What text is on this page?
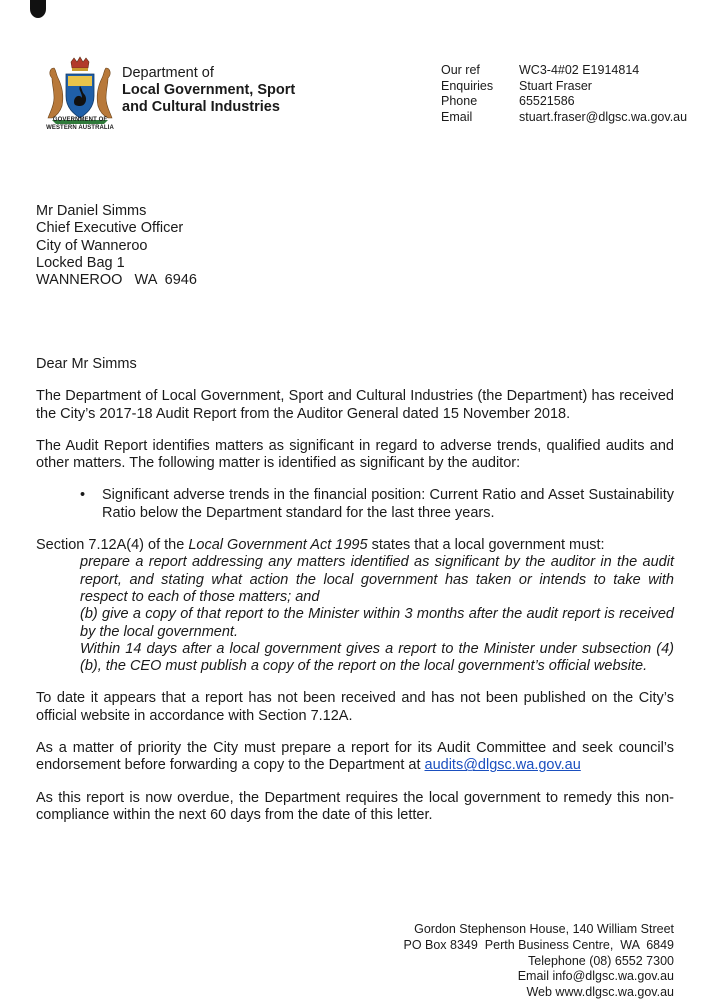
GOVERNMENT OF
WESTERN AUSTRALIA
Department of
Local Government, Sport
and Cultural Industries
Our ref	WC3-4#02 E1914814
Enquiries	Stuart Fraser
Phone	65521586
Email	stuart.fraser@dlgsc.wa.gov.au
Mr Daniel Simms
Chief Executive Officer
City of Wanneroo
Locked Bag 1
WANNEROO   WA  6946

Dear Mr Simms

The Department of Local Government, Sport and Cultural Industries (the Department) has received the City’s 2017-18 Audit Report from the Auditor General dated 15 November 2018.

The Audit Report identifies matters as significant in regard to adverse trends, qualified audits and other matters. The following matter is identified as significant by the auditor:

•	Significant adverse trends in the financial position: Current Ratio and Asset Sustainability Ratio below the Department standard for the last three years.

Section 7.12A(4) of the Local Government Act 1995 states that a local government must:

prepare a report addressing any matters identified as significant by the auditor in the audit report, and stating what action the local government has taken or intends to take with respect to each of those matters; and

(b) give a copy of that report to the Minister within 3 months after the audit report is received by the local government.

Within 14 days after a local government gives a report to the Minister under subsection (4)(b), the CEO must publish a copy of the report on the local government’s official website.

To date it appears that a report has not been received and has not been published on the City’s official website in accordance with Section 7.12A.

As a matter of priority the City must prepare a report for its Audit Committee and seek council’s endorsement before forwarding a copy to the Department at audits@dlgsc.wa.gov.au

As this report is now overdue, the Department requires the local government to remedy this non-compliance within the next 60 days from the date of this letter.

Gordon Stephenson House, 140 William Street
PO Box 8349  Perth Business Centre,  WA  6849
Telephone (08) 6552 7300
Email info@dlgsc.wa.gov.au
Web www.dlgsc.wa.gov.au
